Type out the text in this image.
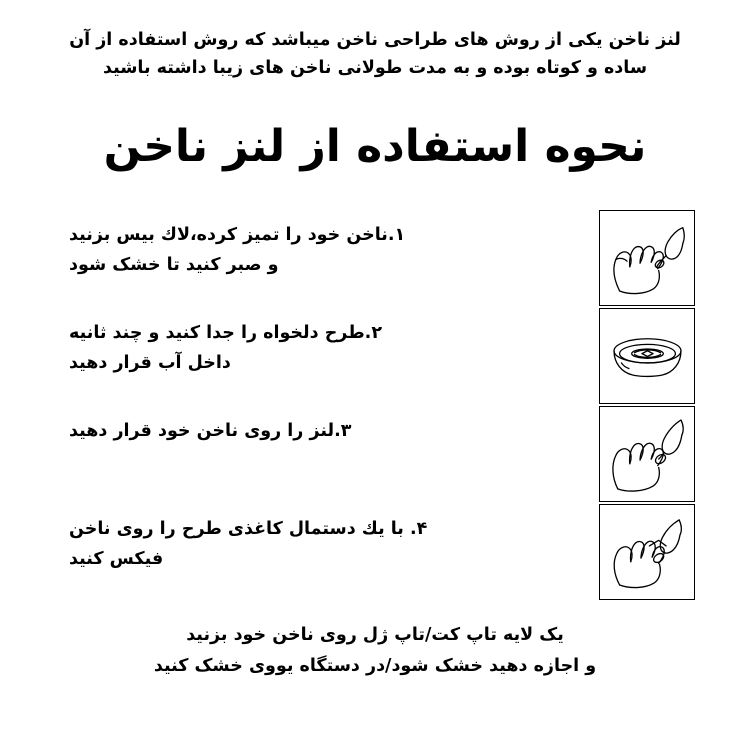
لنز ناخن یکی از روش های طراحی ناخن میباشد که روش استفاده از آن
ساده و کوتاه بوده و به مدت طولانی ناخن های زیبا داشته باشید
نحوه استفاده از لنز ناخن
۱.ناخن خود را تمیز کرده،لاك بیس بزنید
و صبر کنید تا خشک شود
۲.طرح دلخواه را جدا کنید و چند ثانیه
داخل آب قرار دهید
۳.لنز را روی ناخن خود قرار دهید
۴. با یك دستمال کاغذی طرح را روی ناخن
فیکس کنید
یک لایه تاپ کت/تاپ ژل روی ناخن خود بزنید
و اجازه دهید خشک شود/در دستگاه یووی خشک کنید
